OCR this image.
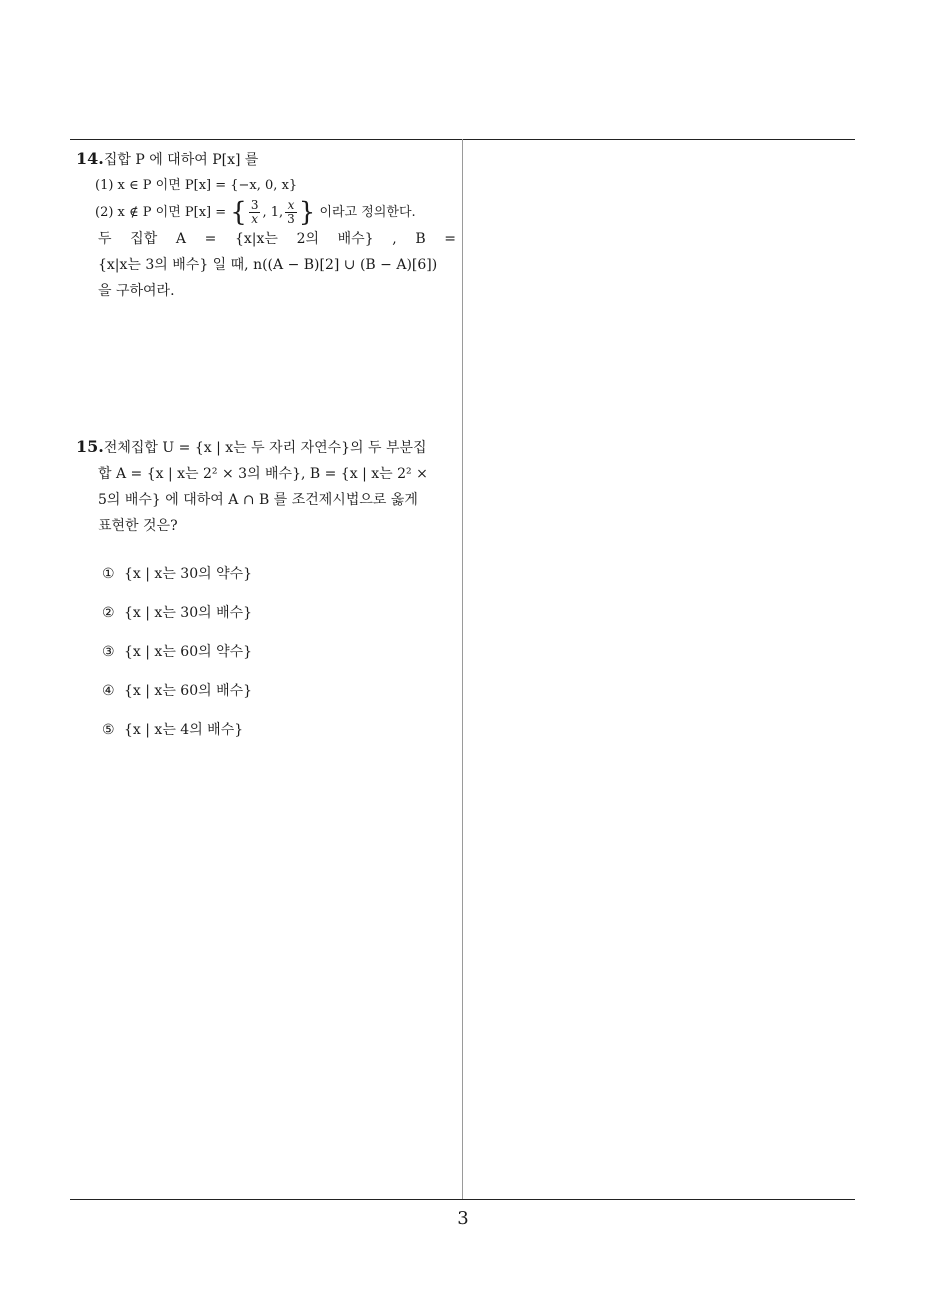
14.집합 P 에 대하여 P[x] 를
(1) x ∈ P 이면 P[x] = {−x, 0, x}
(2) x ∉ P 이면 P[x] = { $\frac{3}{x}$ , 1, $\frac{x}{3}$ } 이라고 정의한다.
두 집합 A = {x|x는 2의 배수} , B =
{x|x는 3의 배수} 일 때, n((A − B)[2] ∪ (B − A)[6])
을 구하여라.
15.전체집합 U = {x | x는 두 자리 자연수}의 두 부분집
합 A = {x | x는 2² × 3의 배수}, B = {x | x는 2² ×
5의 배수} 에 대하여 A ∩ B 를 조건제시법으로 옳게
표현한 것은?
① {x | x는 30의 약수}
② {x | x는 30의 배수}
③ {x | x는 60의 약수}
④ {x | x는 60의 배수}
⑤ {x | x는 4의 배수}
3
